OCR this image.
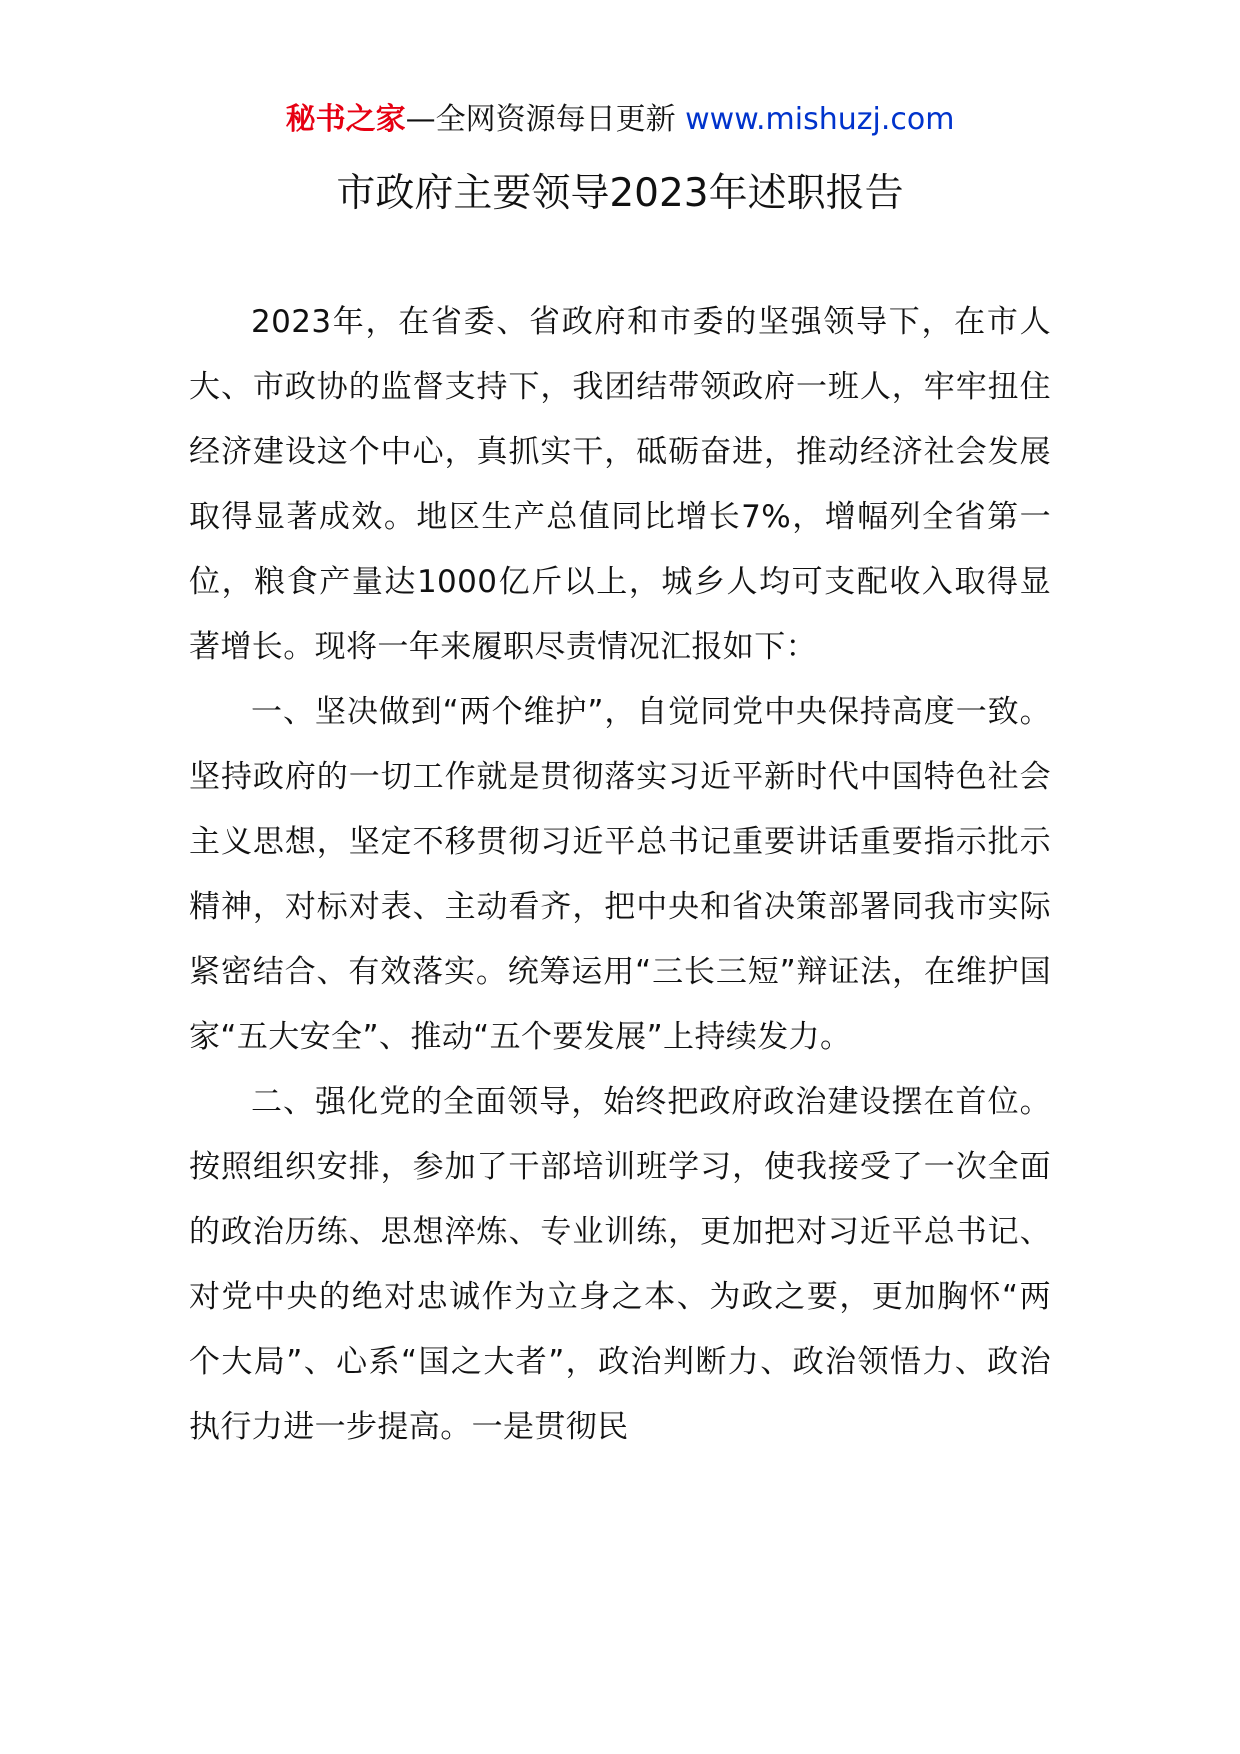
秘书之家—全网资源每日更新 www.mishuzj.com
市政府主要领导2023年述职报告

2023年，在省委、省政府和市委的坚强领导下，在市人大、市政协的监督支持下，我团结带领政府一班人，牢牢扭住经济建设这个中心，真抓实干，砥砺奋进，推动经济社会发展取得显著成效。地区生产总值同比增长7%，增幅列全省第一位，粮食产量达1000亿斤以上，城乡人均可支配收入取得显著增长。现将一年来履职尽责情况汇报如下：

一、坚决做到“两个维护”，自觉同党中央保持高度一致。坚持政府的一切工作就是贯彻落实习近平新时代中国特色社会主义思想，坚定不移贯彻习近平总书记重要讲话重要指示批示精神，对标对表、主动看齐，把中央和省决策部署同我市实际紧密结合、有效落实。统筹运用“三长三短”辩证法，在维护国家“五大安全”、推动“五个要发展”上持续发力。

二、强化党的全面领导，始终把政府政治建设摆在首位。按照组织安排，参加了干部培训班学习，使我接受了一次全面的政治历练、思想淬炼、专业训练，更加把对习近平总书记、对党中央的绝对忠诚作为立身之本、为政之要，更加胸怀“两个大局”、心系“国之大者”，政治判断力、政治领悟力、政治执行力进一步提高。一是贯彻民
